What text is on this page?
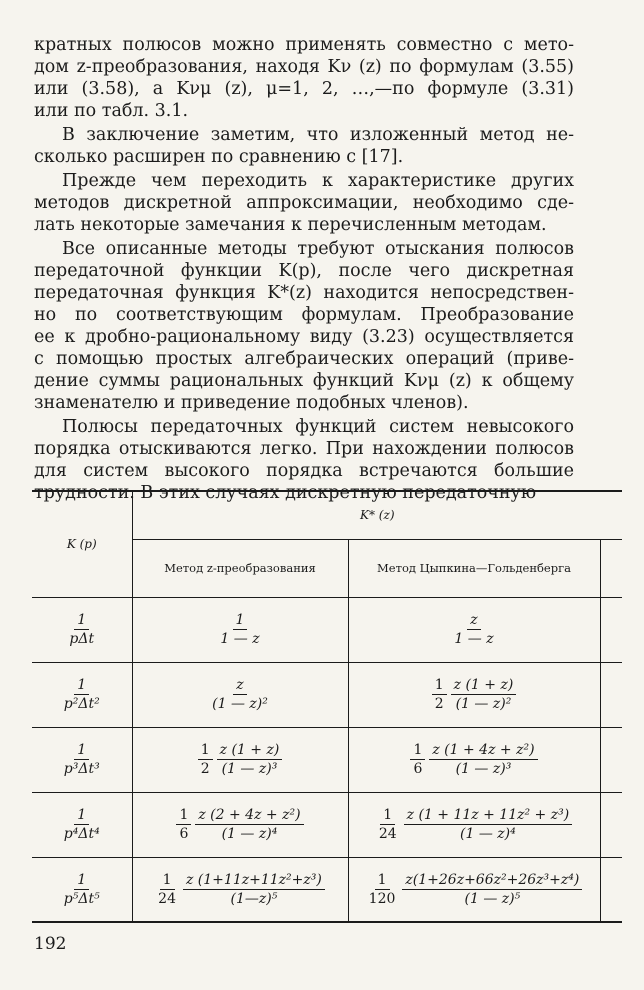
кратных полюсов можно применять совместно с мето-
дом z-преобразования, находя Kν (z) по формулам (3.55)
или (3.58), а Kνμ (z), μ=1, 2, …,—по формуле (3.31)
или по табл. 3.1.
В заключение заметим, что изложенный метод не-
сколько расширен по сравнению с [17].
Прежде чем переходить к характеристике других
методов дискретной аппроксимации, необходимо сде-
лать некоторые замечания к перечисленным методам.
Все описанные методы требуют отыскания полюсов
передаточной функции K(p), после чего дискретная
передаточная функция K*(z) находится непосредствен-
но по соответствующим формулам. Преобразование
ее к дробно-рациональному виду (3.23) осуществляется
с помощью простых алгебраических операций (приве-
дение суммы рациональных функций Kνμ (z) к общему
знаменателю и приведение подобных членов).
Полюсы передаточных функций систем невысокого
порядка отыскиваются легко. При нахождении полюсов
для систем высокого порядка встречаются большие
трудности. В этих случаях дискретную передаточную
K (p)	K* (z)		
	Метод z-преобразования	Метод Цыпкина—Гольденберга	

$\frac{1}{\text{pΔt}}$	$\frac{1}{1 — z}$	$\frac{z}{1 — z}$

$\frac{1}{\text{p²Δt²}}$	$\frac{z}{\text{(1 — z)²}}$	$\frac{1}{2} \frac{z (1 + z)}{\text{(1 — z)²}}$

$\frac{1}{\text{p³Δt³}}$	$\frac{1}{2} \frac{z (1 + z)}{\text{(1 — z)³}}$	$\frac{1}{6} \frac{\text{z (1 + 4z + z²)}}{\text{(1 — z)³}}$

$\frac{1}{\text{p⁴Δt⁴}}$	$\frac{1}{6} \frac{\text{z (2 + 4z + z²)}}{\text{(1 — z)⁴}}$	$\frac{1}{24} \frac{\text{z (1 + 11z + 11z² + z³)}}{\text{(1 — z)⁴}}$

$\frac{1}{\text{p⁵Δt⁵}}$	$\frac{1}{24} \frac{\text{z (1+11z+11z²+z³)}}{\text{(1—z)⁵}}$	$\frac{1}{120} \frac{\text{z(1+26z+66z²+26z³+z⁴)}}{\text{(1 — z)⁵}}$

192
